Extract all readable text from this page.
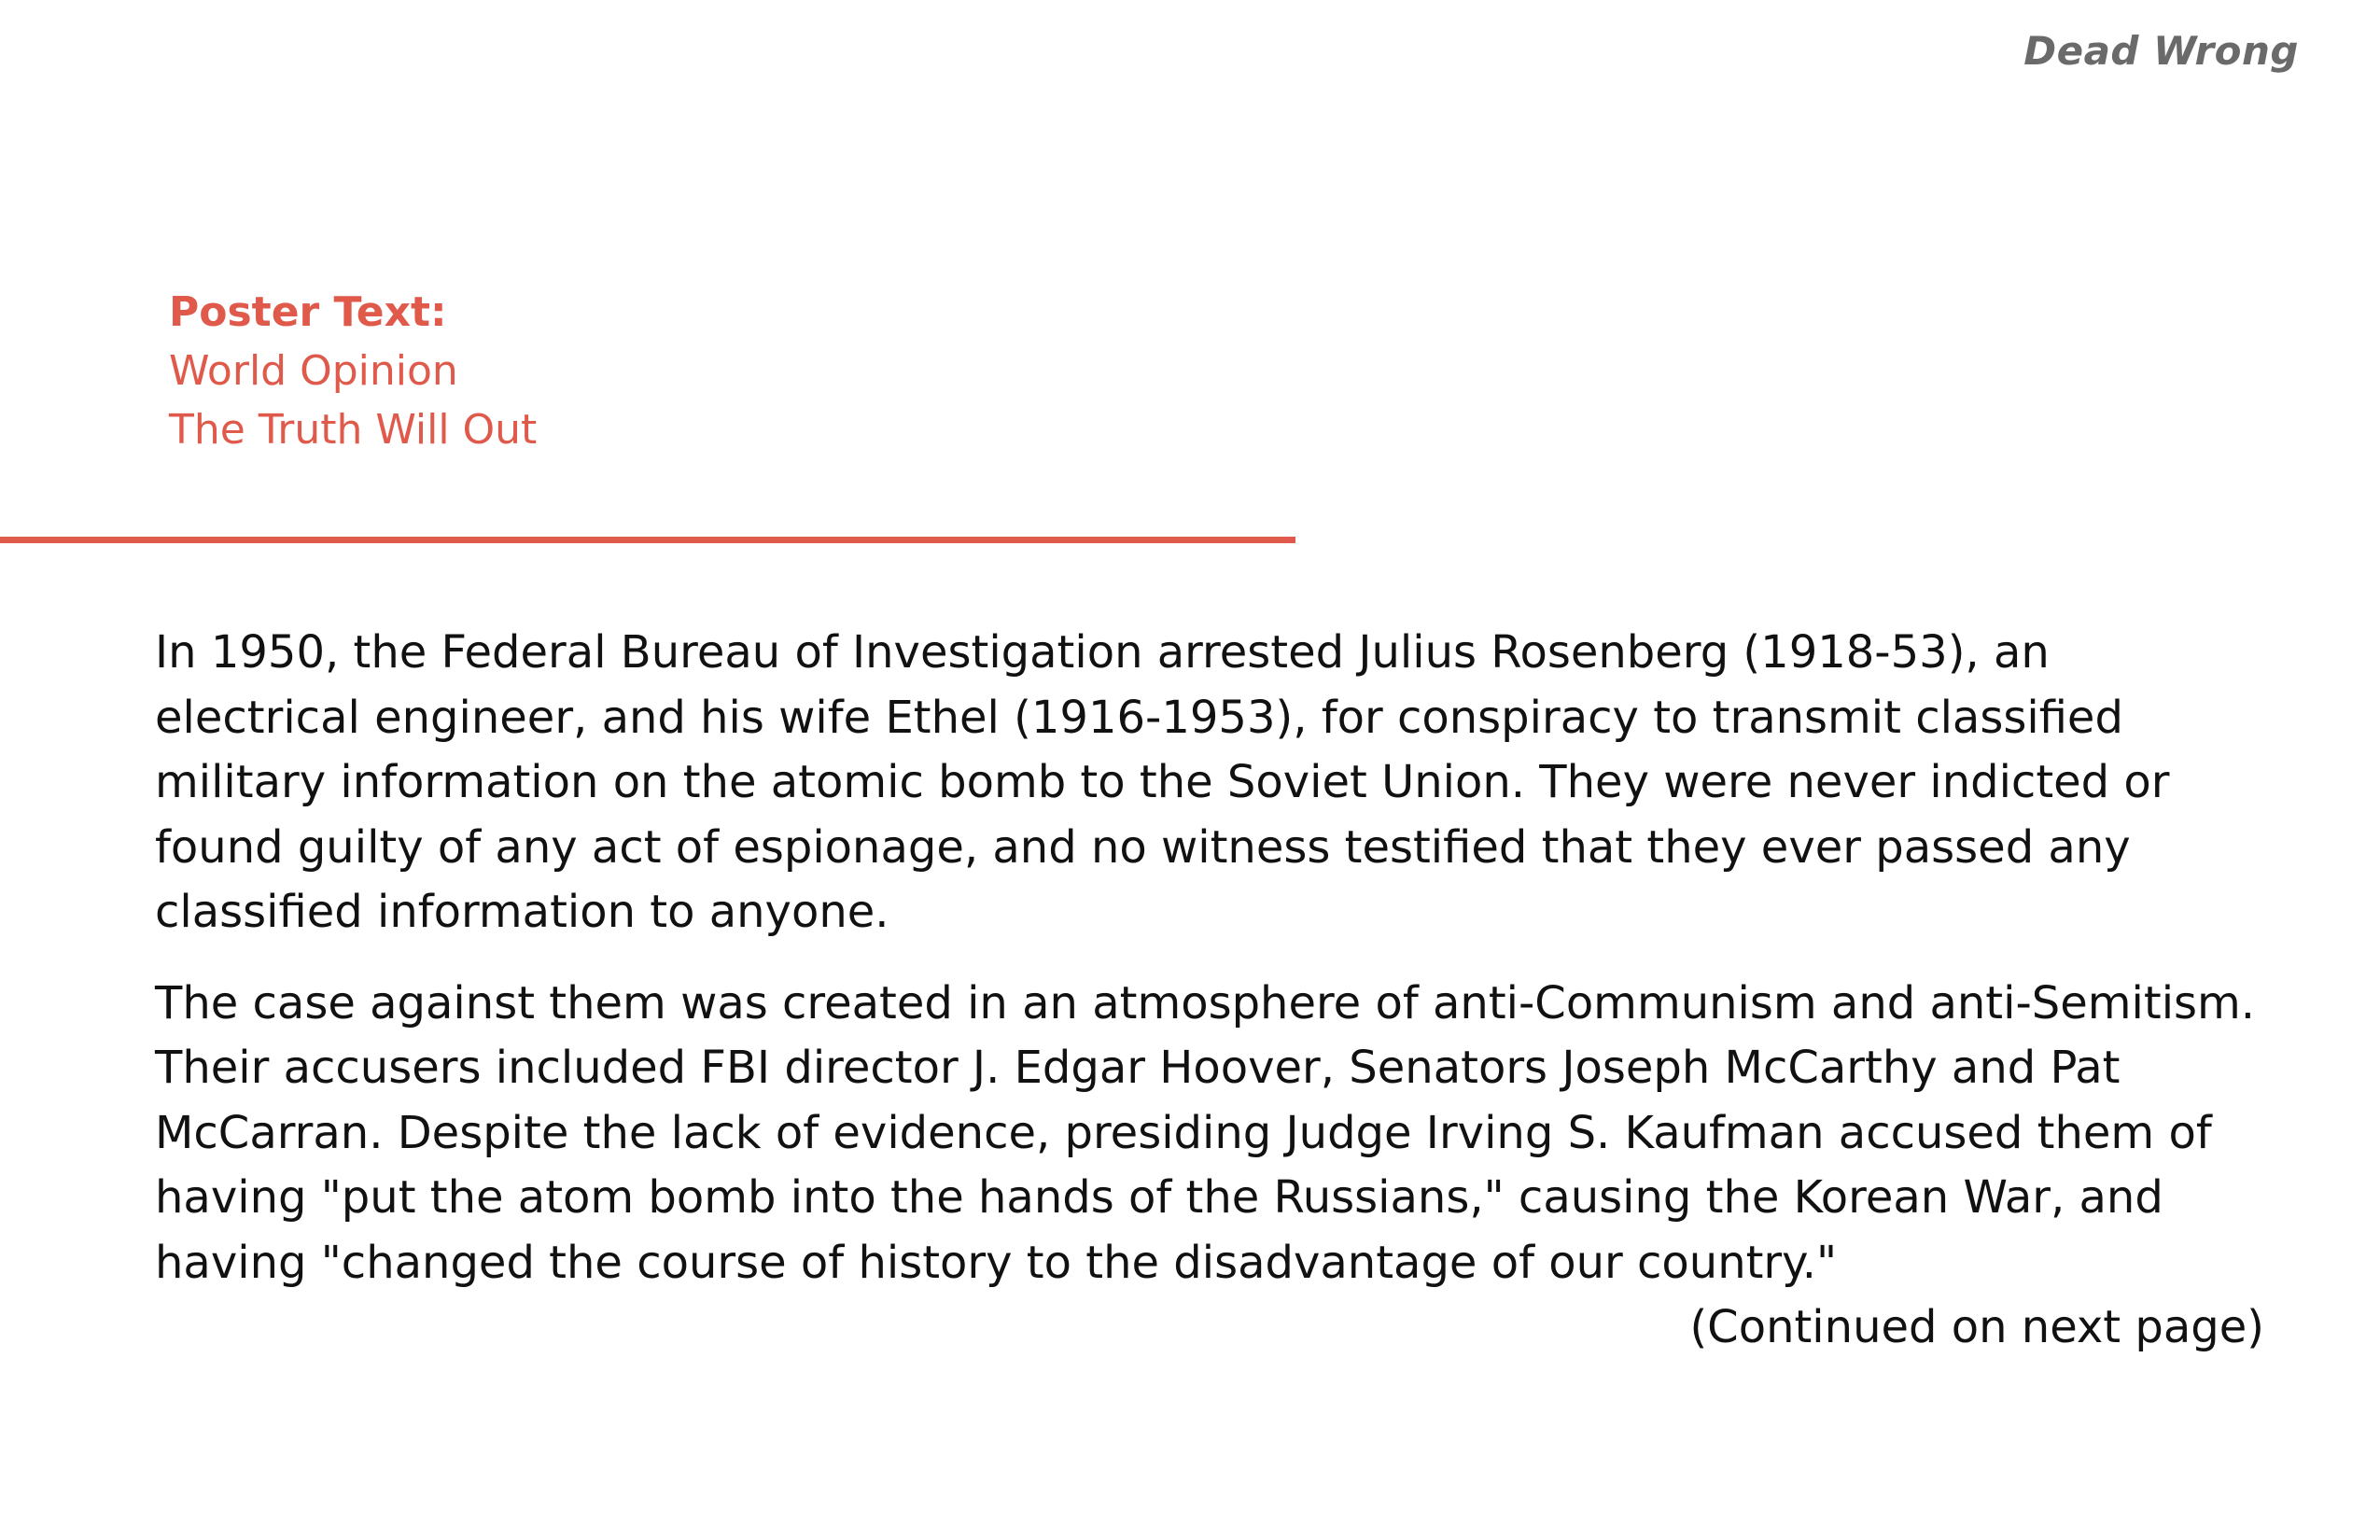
Dead Wrong
Poster Text:
World Opinion
The Truth Will Out

In 1950, the Federal Bureau of Investigation arrested Julius Rosenberg (1918-53), an electrical engineer, and his wife Ethel (1916-1953), for conspiracy to transmit classified military information on the atomic bomb to the Soviet Union. They were never indicted or found guilty of any act of espionage, and no witness testified that they ever passed any classified information to anyone.

The case against them was created in an atmosphere of anti-Communism and anti-Semitism. Their accusers included FBI director J. Edgar Hoover, Senators Joseph McCarthy and Pat McCarran. Despite the lack of evidence, presiding Judge Irving S. Kaufman accused them of having "put the atom bomb into the hands of the Russians," causing the Korean War, and having "changed the course of history to the disadvantage of our country."

(Continued on next page)
